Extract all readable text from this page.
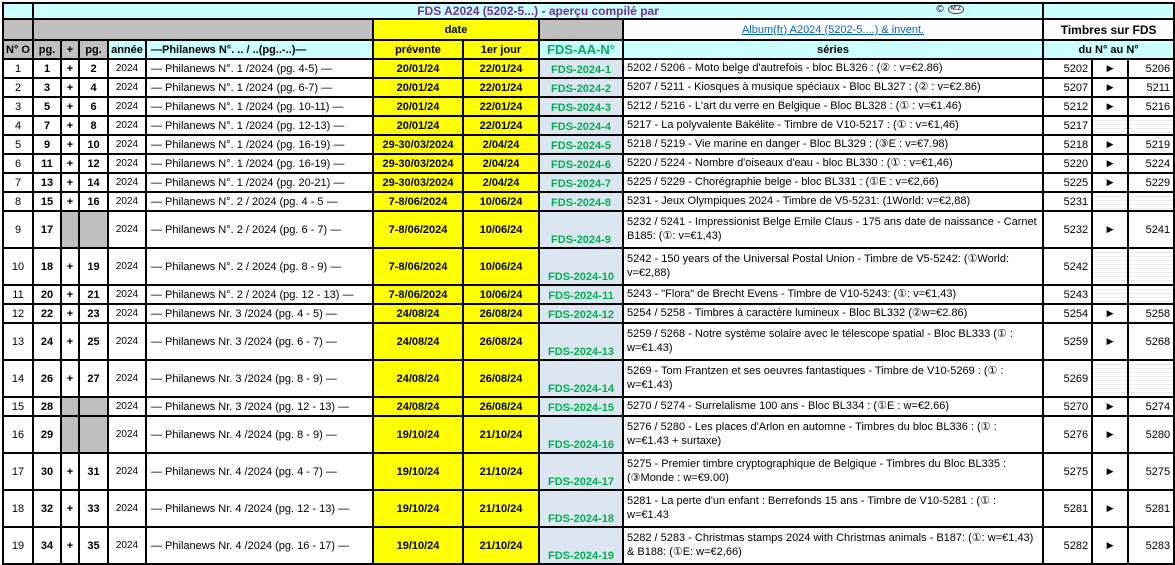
	FDS A2024 (5202-5...) - aperçu compilé par © M.Z											

						date			Album(fr) A2024 (5202-5....) & invent.	Timbres sur FDS		
N° O	pg.	+	pg.	année	—Philanews N°. .. / ..(pg..-..)—	prévente	1er jour	FDS-AA-N°	séries	du N° au N°		
1	1	+	2	2024	— Philanews N°. 1 /2024 (pg. 4-5) —	20/01/24	22/01/24	FDS-2024-1	5202 / 5206 - Moto belge d'autrefois - bloc BL326 : (② : v=€2.86)	5202	▶	5206
2	3	+	4	2024	— Philanews N°. 1 /2024 (pg. 6-7) —	20/01/24	22/01/24	FDS-2024-2	5207 / 5211 - Kiosques à musique spéciaux - Bloc BL327 : (② : v=€2.86)	5207	▶	5211
3	5	+	6	2024	— Philanews N°. 1 /2024 (pg. 10-11) —	20/01/24	22/01/24	FDS-2024-3	5212 / 5216 - L'art du verre en Belgique - Bloc BL328 : (① : v=€1.46)	5212	▶	5216
4	7	+	8	2024	— Philanews N°. 1 /2024 (pg. 12-13) —	20/01/24	22/01/24	FDS-2024-4	5217 - La polyvalente Bakélite - Timbre de V10-5217 : (① : v=€1,46)	5217		
5	9	+	10	2024	— Philanews N°. 1 /2024 (pg. 16-19) —	29-30/03/2024	2/04/24	FDS-2024-5	5218 / 5219 - Vie marine en danger - Bloc BL329 : (③E : v=€7.98)	5218	▶	5219
6	11	+	12	2024	— Philanews N°. 1 /2024 (pg. 16-19) —	29-30/03/2024	2/04/24	FDS-2024-6	5220 / 5224 - Nombre d'oiseaux d'eau - bloc BL330 : (① : v=€1,46)	5220	▶	5224
7	13	+	14	2024	— Philanews N°. 1 /2024 (pg. 20-21) —	29-30/03/2024	2/04/24	FDS-2024-7	5225 / 5229 - Chorégraphie belge - bloc BL331 : (①E : v=€2,66)	5225	▶	5229
8	15	+	16	2024	— Philanews N°. 2 / 2024 (pg. 4 - 5 —	7-8/06/2024	10/06/24	FDS-2024-8	5231 - Jeux Olympiques 2024 - Timbre de V5-5231: (1World: v=€2,88)	5231		
9	17			2024	— Philanews N°. 2 / 2024 (pg. 6 - 7) —	7-8/06/2024	10/06/24	FDS-2024-9	5232 / 5241 - Impressionist Belge Emile Claus - 175 ans date de naissance - Carnet B185: (①: v=€1,43)	5232	▶	5241
10	18	+	19	2024	— Philanews N°. 2 / 2024 (pg. 8 - 9) —	7-8/06/2024	10/06/24	FDS-2024-10	5242 - 150 years of the Universal Postal Union - Timbre de V5-5242: (①World: v=€2,88)	5242		
11	20	+	21	2024	— Philanews N°. 2 / 2024 (pg. 12 - 13) —	7-8/06/2024	10/06/24	FDS-2024-11	5243 - "Flora" de Brecht Evens - Timbre de V10-5243: (①: v=€1,43)	5243		
12	22	+	23	2024	— Philanews Nr. 3 /2024 (pg. 4 - 5) —	24/08/24	26/08/24	FDS-2024-12	5254 / 5258 - Timbres à caractère lumineux - Bloc BL332 (②w=€2.86)	5254	▶	5258
13	24	+	25	2024	— Philanews Nr. 3 /2024 (pg. 6 - 7) —	24/08/24	26/08/24	FDS-2024-13	5259 / 5268 - Notre système solaire avec le télescope spatial - Bloc BL333 (① : w=€1.43)	5259	▶	5268
14	26	+	27	2024	— Philanews Nr. 3 /2024 (pg. 8 - 9) —	24/08/24	26/08/24	FDS-2024-14	5269 - Tom Frantzen et ses oeuvres fantastiques - Timbre de V10-5269 : (① : w=€1.43)	5269		
15	28			2024	— Philanews Nr. 3 /2024 (pg. 12 - 13) —	24/08/24	26/08/24	FDS-2024-15	5270 / 5274 - Surrelalisme 100 ans - Bloc BL334 : (①E : w=€2.66)	5270	▶	5274
16	29			2024	— Philanews Nr. 4 /2024 (pg. 8 - 9) —	19/10/24	21/10/24	FDS-2024-16	5276 / 5280 - Les places d'Arlon en automne - Timbres du bloc BL336 : (① : w=€1.43 + surtaxe)	5276	▶	5280
17	30	+	31	2024	— Philanews Nr. 4 /2024 (pg. 4 - 7) —	19/10/24	21/10/24	FDS-2024-17	5275 - Premier timbre cryptographique de Belgique - Timbres du Bloc BL335 : (③Monde : w=€9.00)	5275	▶	5275
18	32	+	33	2024	— Philanews Nr. 4 /2024 (pg. 12 - 13) —	19/10/24	21/10/24	FDS-2024-18	5281 - La perte d'un enfant : Berrefonds 15 ans - Timbre de V10-5281 : (① : w=€1.43	5281	▶	5281
19	34	+	35	2024	— Philanews Nr. 4 /2024 (pg. 16 - 17) —	19/10/24	21/10/24	FDS-2024-19	5282 / 5283 - Christmas stamps 2024 with Christmas animals - B187: (①: w=€1,43) & B188: (①E: w=€2,66)	5282	▶	5283
